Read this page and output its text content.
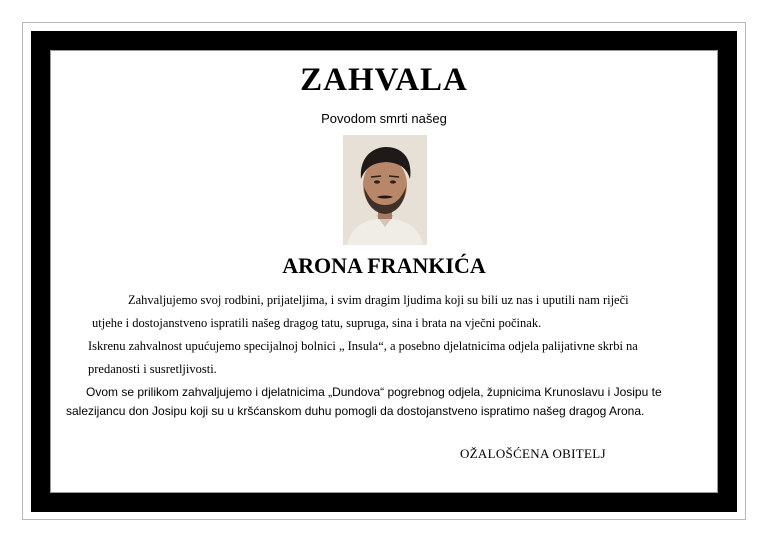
ZAHVALA
Povodom smrti našeg
ARONA FRANKIĆA
Zahvaljujemo svoj rodbini, prijateljima, i svim dragim ljudima koji su bili uz nas i uputili nam riječi
utjehe i dostojanstveno ispratili našeg dragog tatu, supruga, sina i brata na vječni počinak.
Iskrenu zahvalnost upućujemo specijalnoj bolnici „ Insula“, a posebno djelatnicima odjela palijativne skrbi na
predanosti i susretljivosti.
Ovom se prilikom zahvaljujemo i djelatnicima „Dundova“ pogrebnog odjela, župnicima Krunoslavu i Josipu te
salezijancu don Josipu koji su u kršćanskom duhu pomogli da dostojanstveno ispratimo našeg dragog Arona.
OŽALOŠĆENA OBITELJ
